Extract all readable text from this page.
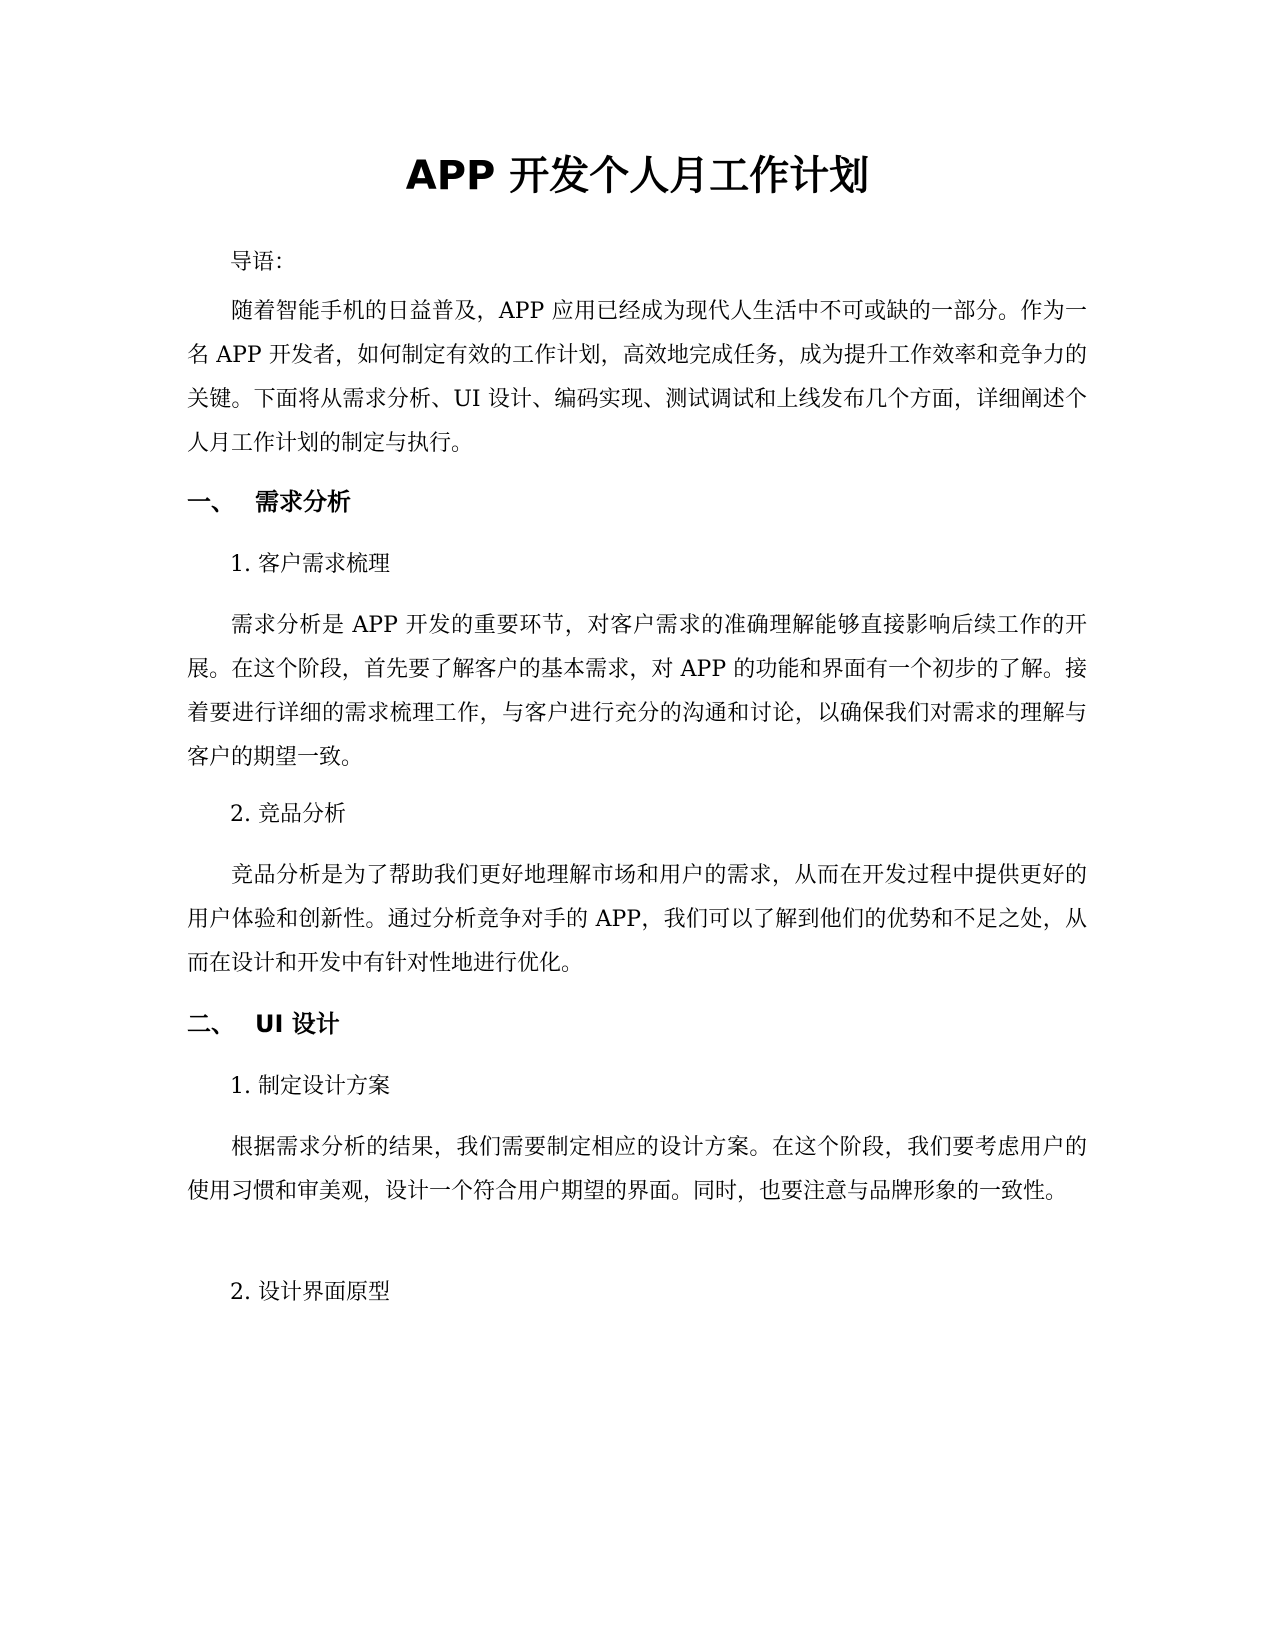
APP 开发个人月工作计划

导语：

随着智能手机的日益普及，APP 应用已经成为现代人生活中不可或缺的一部分。作为一名 APP 开发者，如何制定有效的工作计划，高效地完成任务，成为提升工作效率和竞争力的关键。下面将从需求分析、UI 设计、编码实现、测试调试和上线发布几个方面，详细阐述个人月工作计划的制定与执行。

一、 需求分析

1. 客户需求梳理

需求分析是 APP 开发的重要环节，对客户需求的准确理解能够直接影响后续工作的开展。在这个阶段，首先要了解客户的基本需求，对 APP 的功能和界面有一个初步的了解。接着要进行详细的需求梳理工作，与客户进行充分的沟通和讨论，以确保我们对需求的理解与客户的期望一致。

2. 竞品分析

竞品分析是为了帮助我们更好地理解市场和用户的需求，从而在开发过程中提供更好的用户体验和创新性。通过分析竞争对手的 APP，我们可以了解到他们的优势和不足之处，从而在设计和开发中有针对性地进行优化。

二、 UI 设计

1. 制定设计方案

根据需求分析的结果，我们需要制定相应的设计方案。在这个阶段，我们要考虑用户的使用习惯和审美观，设计一个符合用户期望的界面。同时，也要注意与品牌形象的一致性。

2. 设计界面原型
